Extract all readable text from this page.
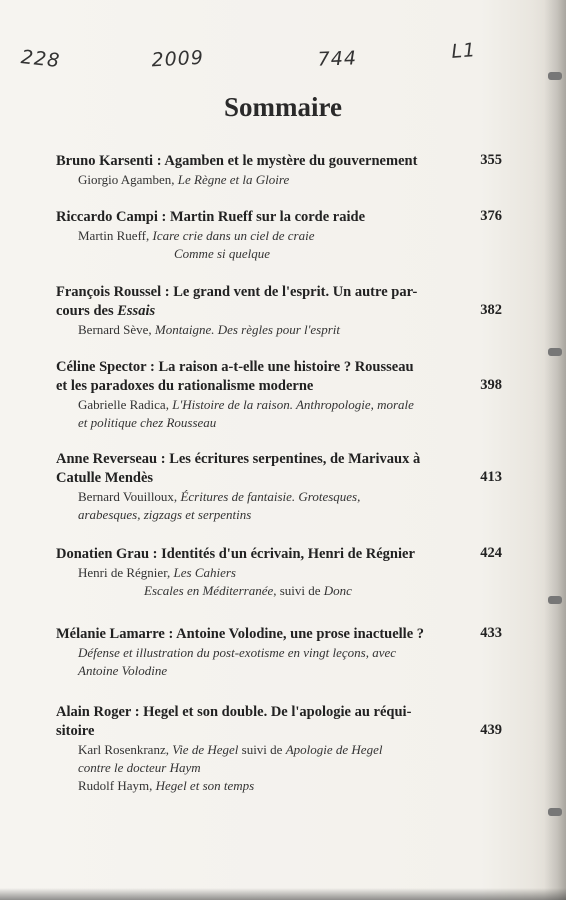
228	2009	744	L1
Sommaire
Bruno Karsenti : Agamben et le mystère du gouvernement
Giorgio Agamben, Le Règne et la Gloire
355
Riccardo Campi : Martin Rueff sur la corde raide
Martin Rueff, Icare crie dans un ciel de craie
Comme si quelque
376
François Roussel : Le grand vent de l'esprit. Un autre par-
cours des Essais
Bernard Sève, Montaigne. Des règles pour l'esprit
382
Céline Spector : La raison a-t-elle une histoire ? Rousseau
et les paradoxes du rationalisme moderne
Gabrielle Radica, L'Histoire de la raison. Anthropologie, morale
et politique chez Rousseau
398
Anne Reverseau : Les écritures serpentines, de Marivaux à
Catulle Mendès
Bernard Vouilloux, Écritures de fantaisie. Grotesques,
arabesques, zigzags et serpentins
413
Donatien Grau : Identités d'un écrivain, Henri de Régnier
Henri de Régnier, Les Cahiers
Escales en Méditerranée, suivi de Donc
424
Mélanie Lamarre : Antoine Volodine, une prose inactuelle ?
Défense et illustration du post-exotisme en vingt leçons, avec
Antoine Volodine
433
Alain Roger : Hegel et son double. De l'apologie au réqui-
sitoire
Karl Rosenkranz, Vie de Hegel suivi de Apologie de Hegel
contre le docteur Haym
Rudolf Haym, Hegel et son temps
439
